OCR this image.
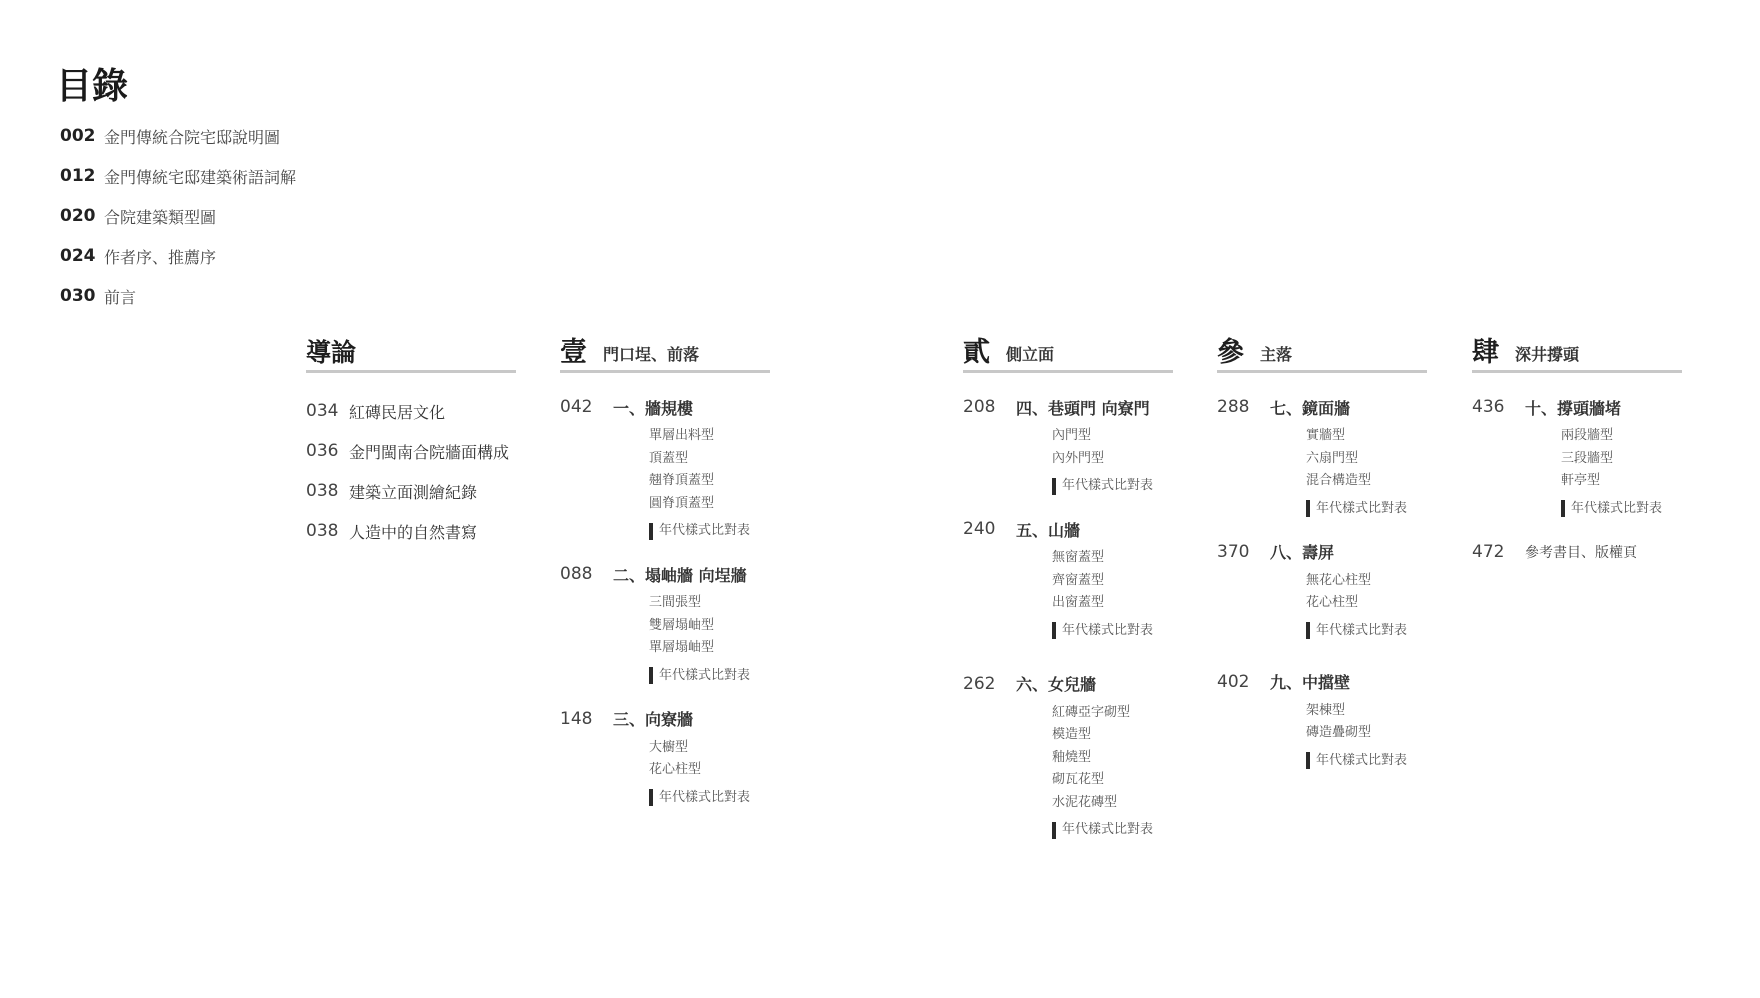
目錄
002 金門傳統合院宅邸說明圖
012 金門傳統宅邸建築術語詞解
020 合院建築類型圖
024 作者序、推薦序
030 前言
導論
034 紅磚民居文化
036 金門閩南合院牆面構成
038 建築立面測繪紀錄
038 人造中的自然書寫
壹 門口埕、前落
042	一、牆規樓
單層出料型
頂蓋型
翹脊頂蓋型
圓脊頂蓋型
年代樣式比對表
088	二、塌岫牆 向埕牆
三間張型
雙層塌岫型
單層塌岫型
年代樣式比對表
148	三、向寮牆
大櫥型
花心柱型
年代樣式比對表
貳 側立面
208	四、巷頭門 向寮門
內門型
內外門型
年代樣式比對表
240	五、山牆
無窗蓋型
齊窗蓋型
出窗蓋型
年代樣式比對表
262	六、女兒牆
紅磚亞字砌型
模造型
釉燒型
砌瓦花型
水泥花磚型
年代樣式比對表
參 主落
288	七、鏡面牆
實牆型
六扇門型
混合構造型
年代樣式比對表
370	八、壽屏
無花心柱型
花心柱型
年代樣式比對表
402	九、中擋壁
架棟型
磚造疊砌型
年代樣式比對表
肆 深井撐頭
436	十、撐頭牆堵
兩段牆型
三段牆型
軒亭型
年代樣式比對表
472	參考書目、版權頁
